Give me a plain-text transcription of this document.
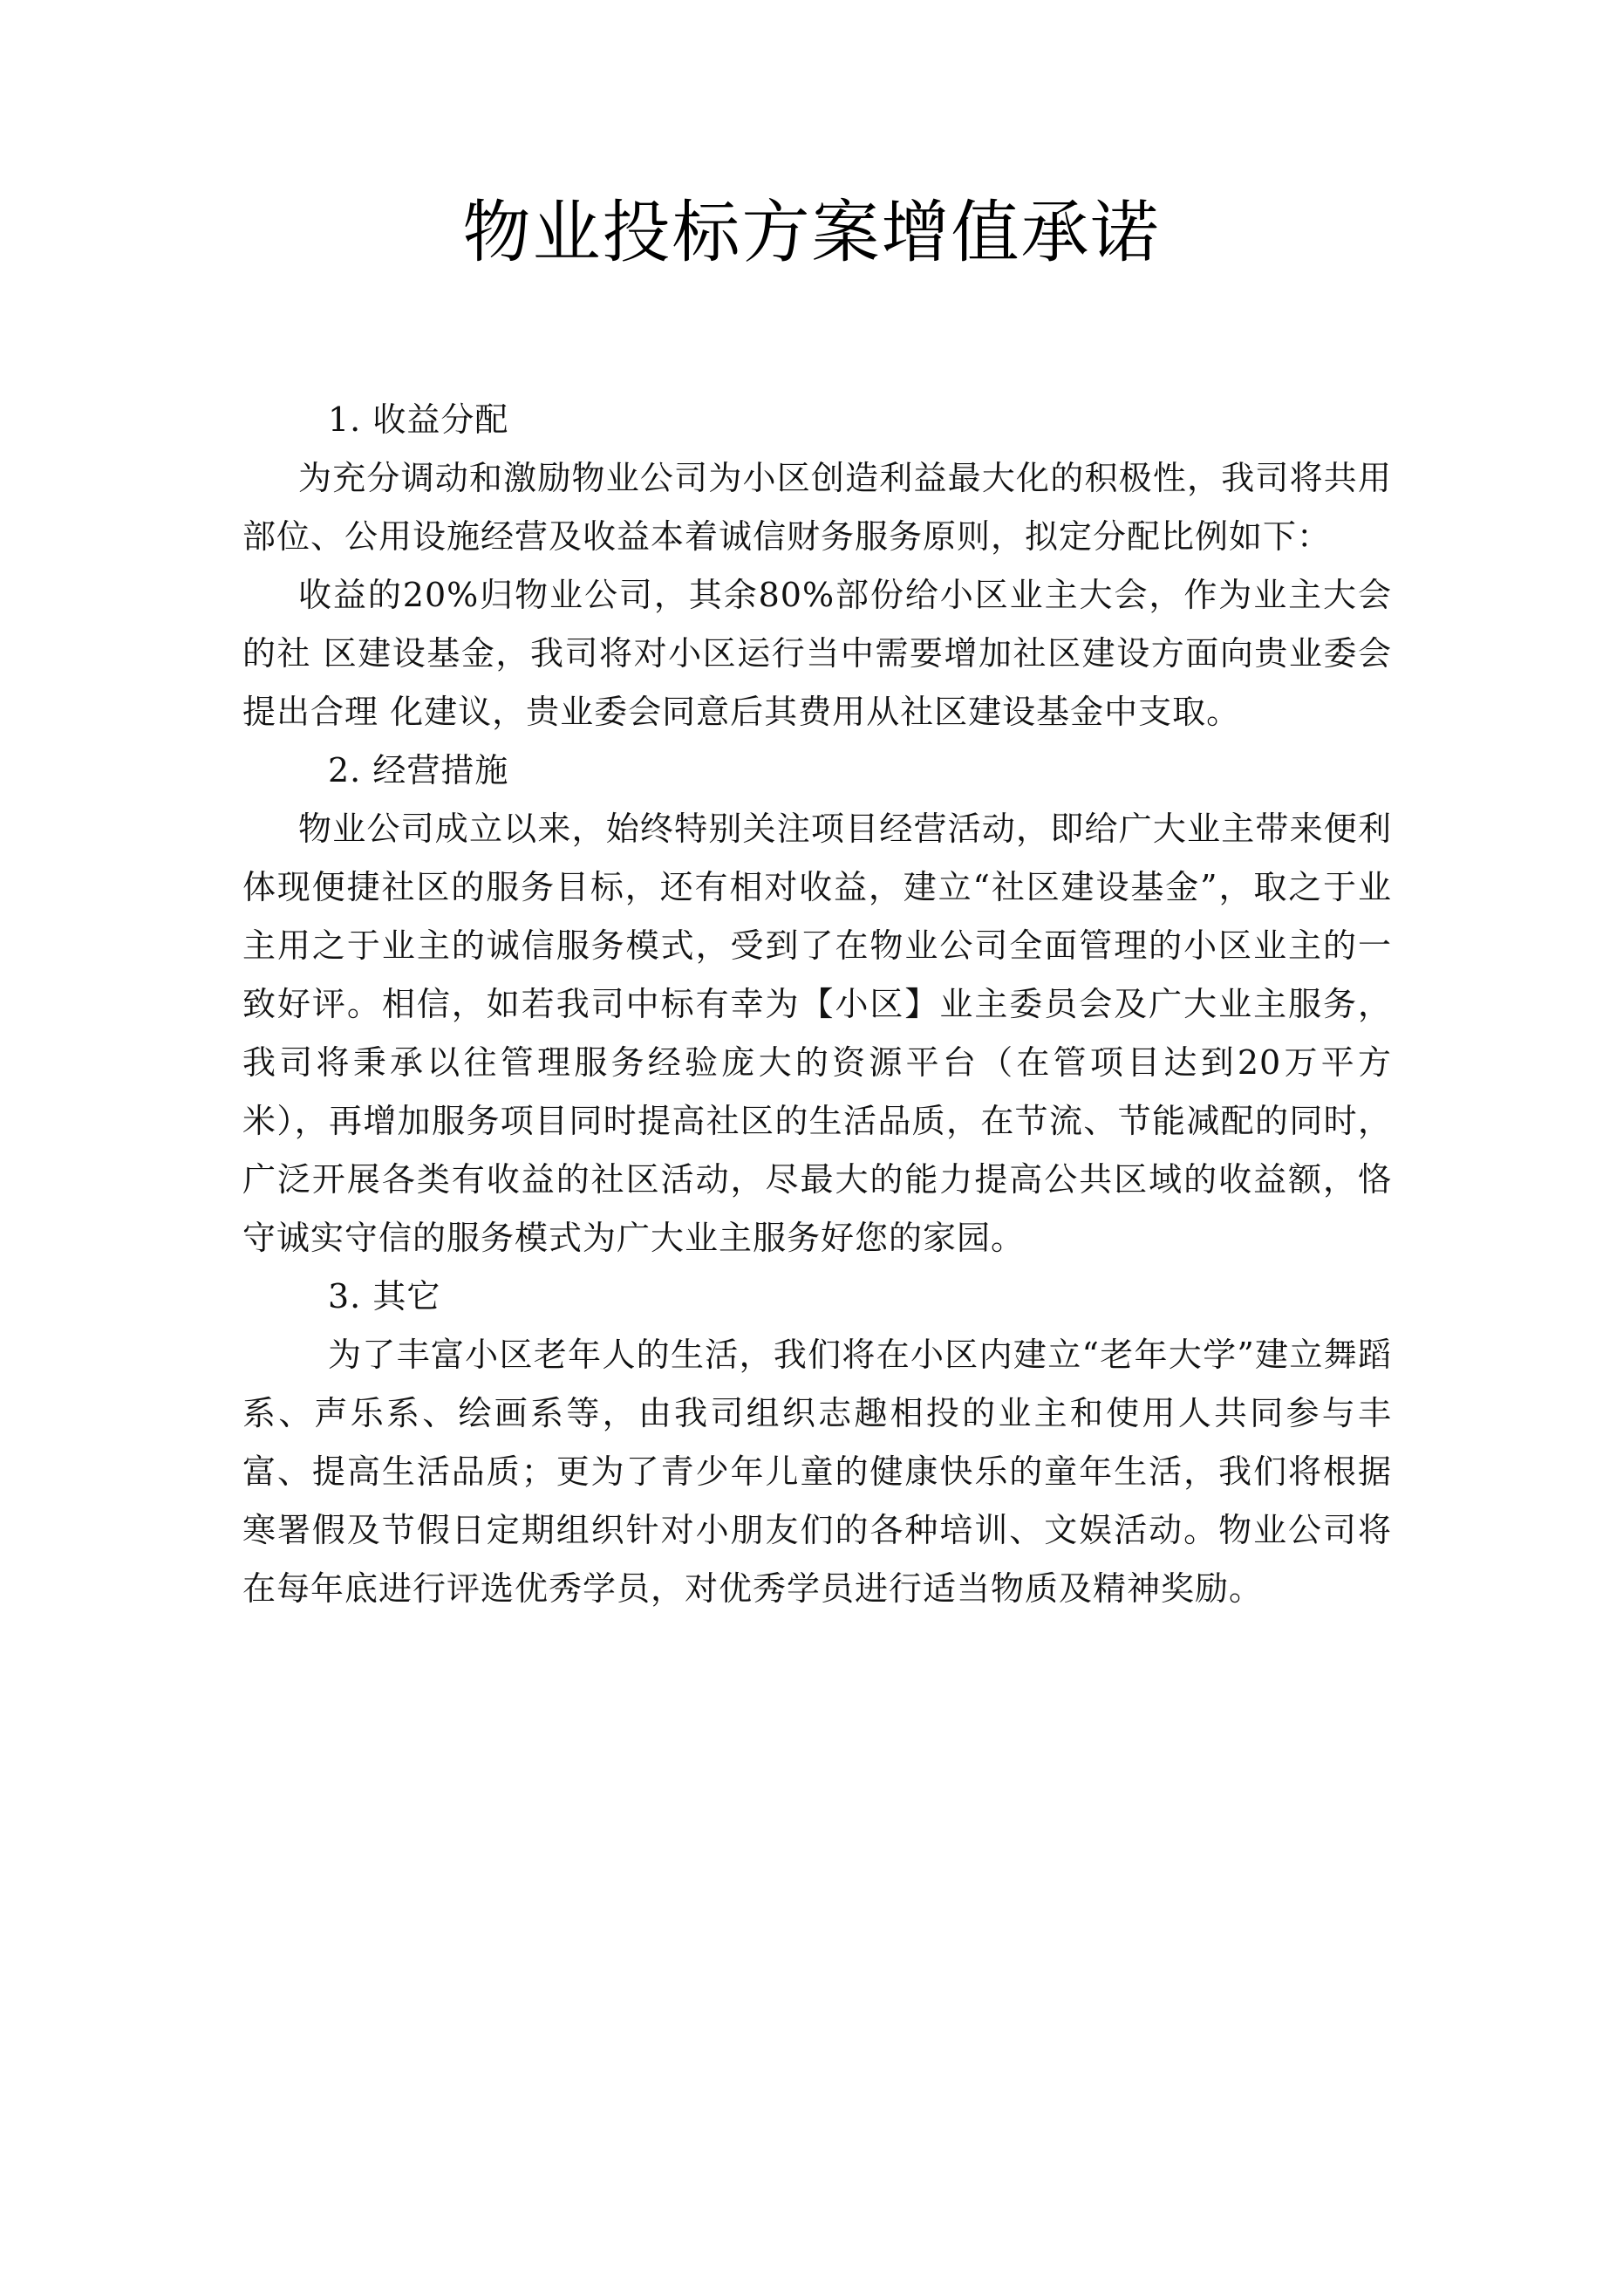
物业投标方案增值承诺

1. 收益分配

为充分调动和激励物业公司为小区创造利益最大化的积极性，我司将共用部位、公用设施经营及收益本着诚信财务服务原则，拟定分配比例如下：

收益的20%归物业公司，其余80%部份给小区业主大会，作为业主大会的社 区建设基金，我司将对小区运行当中需要增加社区建设方面向贵业委会提出合理 化建议，贵业委会同意后其费用从社区建设基金中支取。

2. 经营措施

物业公司成立以来，始终特别关注项目经营活动，即给广大业主带来便利体现便捷社区的服务目标，还有相对收益，建立“社区建设基金”，取之于业主用之于业主的诚信服务模式，受到了在物业公司全面管理的小区业主的一致好评。相信，如若我司中标有幸为【小区】业主委员会及广大业主服务，我司将秉承以往管理服务经验庞大的资源平台（在管项目达到20万平方米），再增加服务项目同时提高社区的生活品质，在节流、节能减配的同时，广泛开展各类有收益的社区活动，尽最大的能力提高公共区域的收益额，恪守诚实守信的服务模式为广大业主服务好您的家园。

3. 其它

为了丰富小区老年人的生活，我们将在小区内建立“老年大学”建立舞蹈系、声乐系、绘画系等，由我司组织志趣相投的业主和使用人共同参与丰富、提高生活品质；更为了青少年儿童的健康快乐的童年生活，我们将根据寒署假及节假日定期组织针对小朋友们的各种培训、文娱活动。物业公司将在每年底进行评选优秀学员，对优秀学员进行适当物质及精神奖励。
